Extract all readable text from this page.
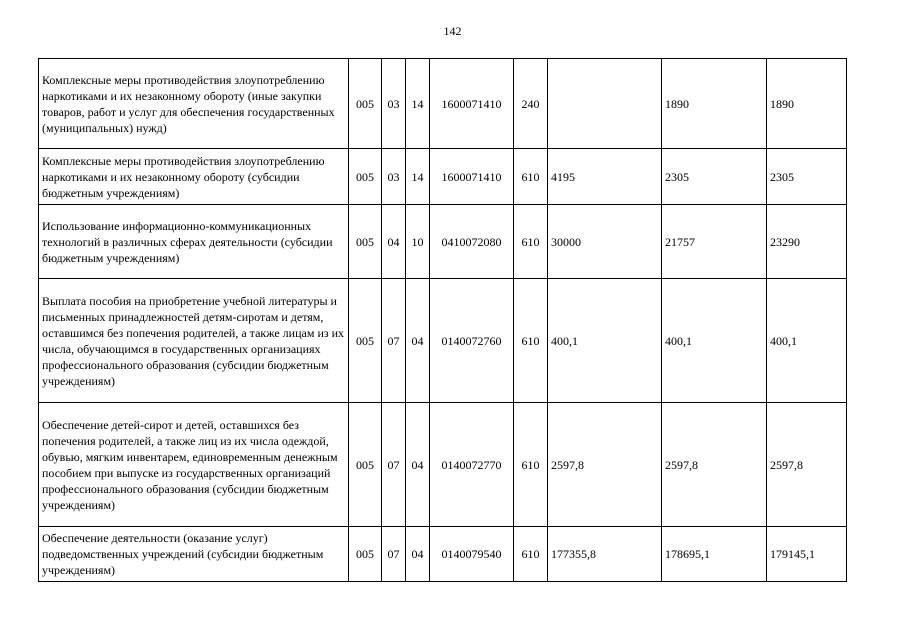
142
Комплексные меры противодействия злоупотреблению наркотиками и их незаконному обороту (иные закупки товаров, работ и услуг для обеспечения государственных (муниципальных) нужд)	005	03	14	1600071410	240		1890	1890
Комплексные меры противодействия злоупотреблению наркотиками и их незаконному обороту (субсидии бюджетным учреждениям)	005	03	14	1600071410	610	4195	2305	2305
Использование информационно-коммуникационных технологий в различных сферах деятельности (субсидии бюджетным учреждениям)	005	04	10	0410072080	610	30000	21757	23290
Выплата пособия на приобретение учебной литературы и письменных принадлежностей детям-сиротам и детям, оставшимся без попечения родителей, а также лицам из их числа, обучающимся в государственных организациях профессионального образования (субсидии бюджетным учреждениям)	005	07	04	0140072760	610	400,1	400,1	400,1
Обеспечение детей-сирот и детей, оставшихся без попечения родителей, а также лиц из их числа одеждой, обувью, мягким инвентарем, единовременным денежным пособием при выпуске из государственных организаций профессионального образования (субсидии бюджетным учреждениям)	005	07	04	0140072770	610	2597,8	2597,8	2597,8
Обеспечение деятельности (оказание услуг) подведомственных учреждений (субсидии бюджетным учреждениям)	005	07	04	0140079540	610	177355,8	178695,1	179145,1
